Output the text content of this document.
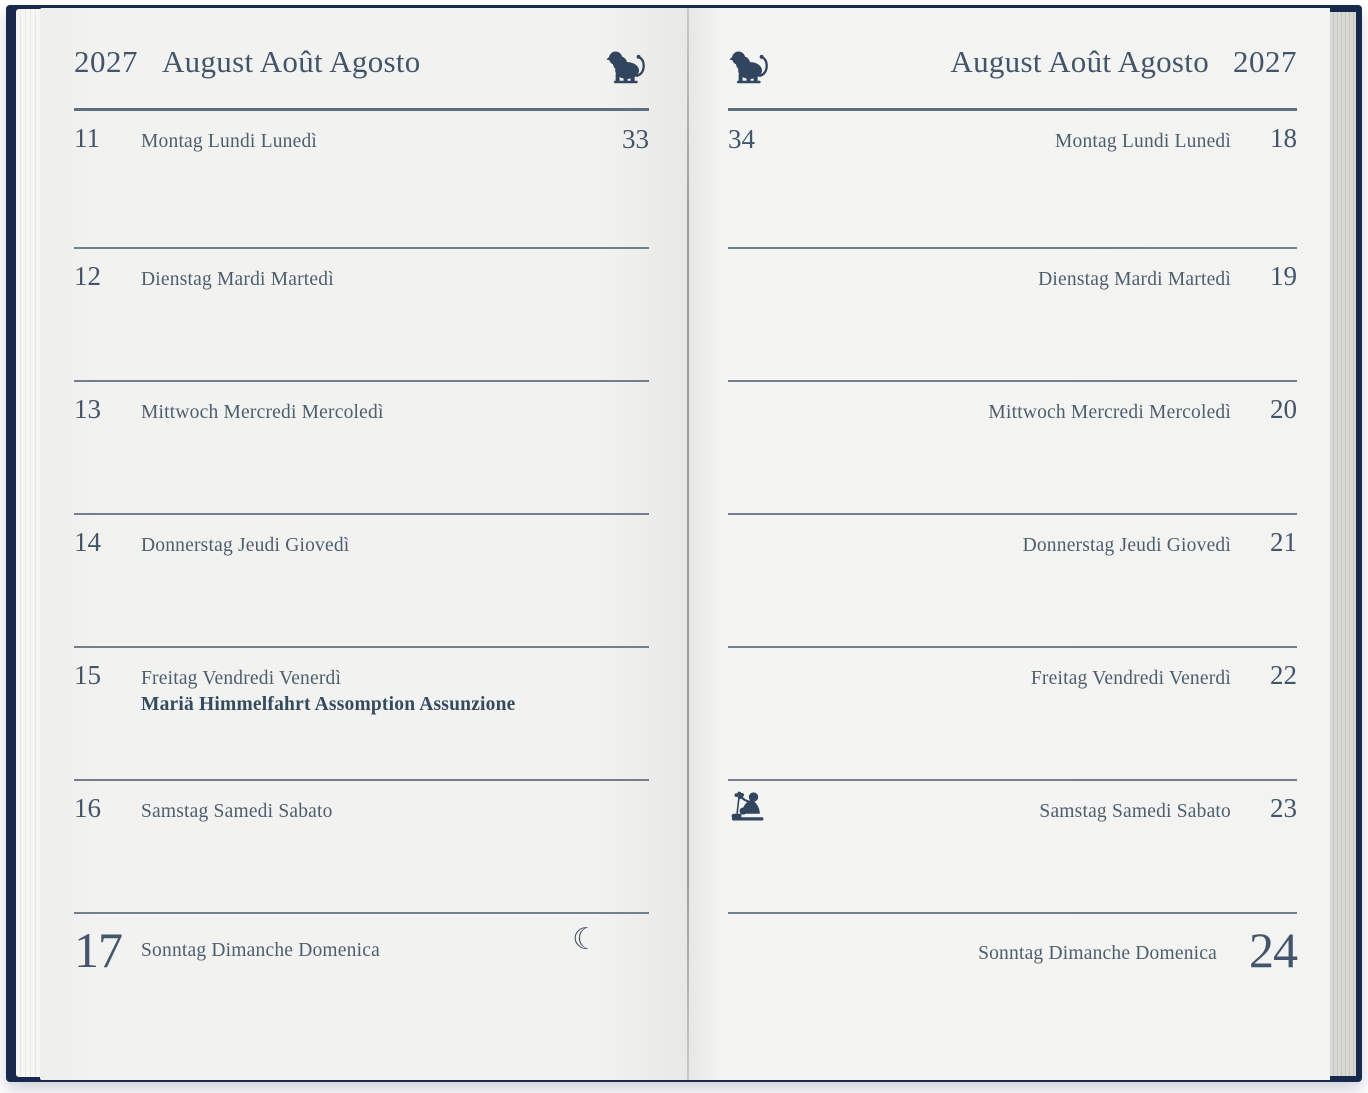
2027 August Août Agosto
11	Montag Lundi Lunedì	33
12	Dienstag Mardi Martedì
13	Mittwoch Mercredi Mercoledì
14	Donnerstag Jeudi Giovedì
15	Freitag Vendredi Venerdì
Mariä Himmelfahrt Assomption Assunzione
16	Samstag Samedi Sabato
17 Sonntag Dimanche Domenica	☾
August Août Agosto 2027
34	Montag Lundi Lunedì	18
Dienstag Mardi Martedì	19
Mittwoch Mercredi Mercoledì	20
Donnerstag Jeudi Giovedì	21
Freitag Vendredi Venerdì	22
Samstag Samedi Sabato	23
Sonntag Dimanche Domenica 24
